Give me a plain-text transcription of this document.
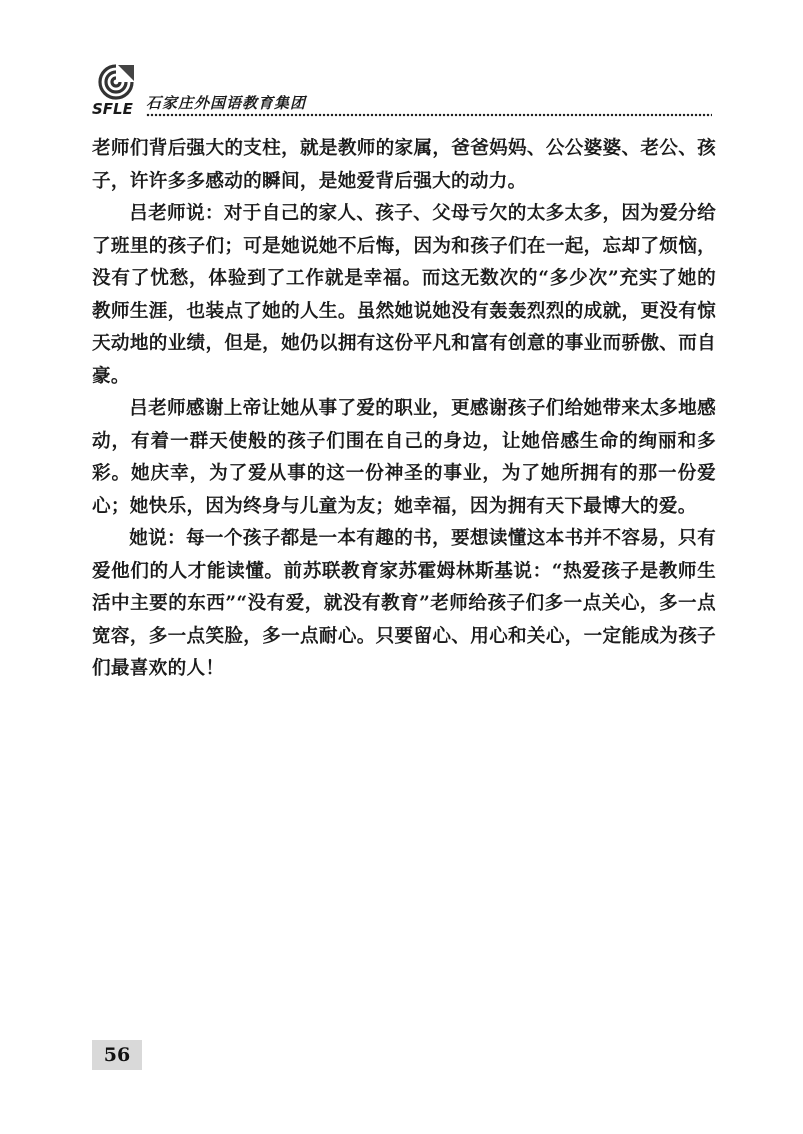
SFLE 石家庄外国语教育集团

老师们背后强大的支柱，就是教师的家属，爸爸妈妈、公公婆婆、老公、孩子，许许多多感动的瞬间，是她爱背后强大的动力。

吕老师说：对于自己的家人、孩子、父母亏欠的太多太多，因为爱分给了班里的孩子们；可是她说她不后悔，因为和孩子们在一起，忘却了烦恼，没有了忧愁，体验到了工作就是幸福。而这无数次的“多少次”充实了她的教师生涯，也装点了她的人生。虽然她说她没有轰轰烈烈的成就，更没有惊天动地的业绩，但是，她仍以拥有这份平凡和富有创意的事业而骄傲、而自豪。

吕老师感谢上帝让她从事了爱的职业，更感谢孩子们给她带来太多地感动，有着一群天使般的孩子们围在自己的身边，让她倍感生命的绚丽和多彩。她庆幸，为了爱从事的这一份神圣的事业，为了她所拥有的那一份爱心；她快乐，因为终身与儿童为友；她幸福，因为拥有天下最博大的爱。

她说：每一个孩子都是一本有趣的书，要想读懂这本书并不容易，只有爱他们的人才能读懂。前苏联教育家苏霍姆林斯基说：“热爱孩子是教师生活中主要的东西”“没有爱，就没有教育”老师给孩子们多一点关心，多一点宽容，多一点笑脸，多一点耐心。只要留心、用心和关心，一定能成为孩子们最喜欢的人！

56
